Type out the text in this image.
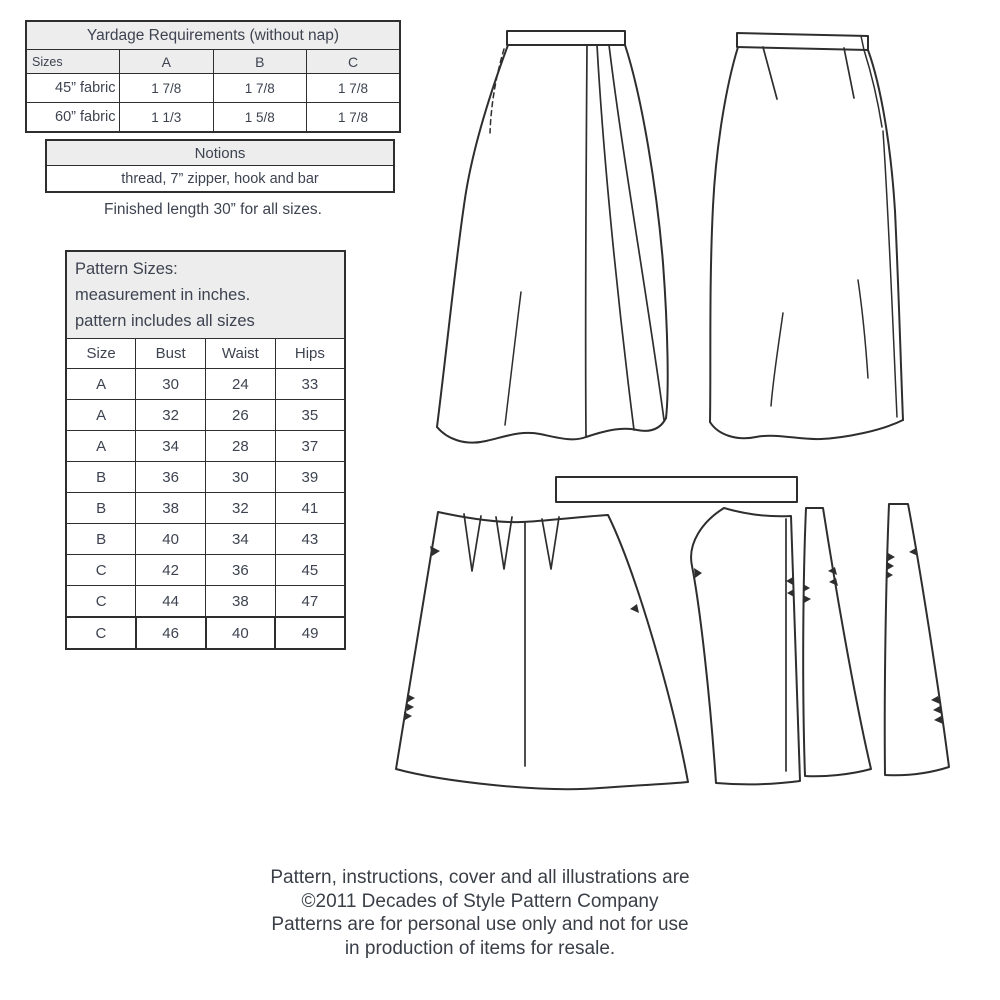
Yardage Requirements (without nap)			
Sizes	A	B	C
45” fabric	1 7/8	1 7/8	1 7/8
60” fabric	1 1/3	1 5/8	1 7/8
Notions
thread, 7” zipper, hook and bar
Finished length 30” for all sizes.
Pattern Sizes:
measurement in inches.
pattern includes all sizes			

Size	Bust	Waist	Hips
A	30	24	33
A	32	26	35
A	34	28	37
B	36	30	39
B	38	32	41
B	40	34	43
C	42	36	45
C	44	38	47
C	46	40	49
Pattern, instructions, cover and all illustrations are
©2011 Decades of Style Pattern Company
Patterns are for personal use only and not for use
in production of items for resale.
